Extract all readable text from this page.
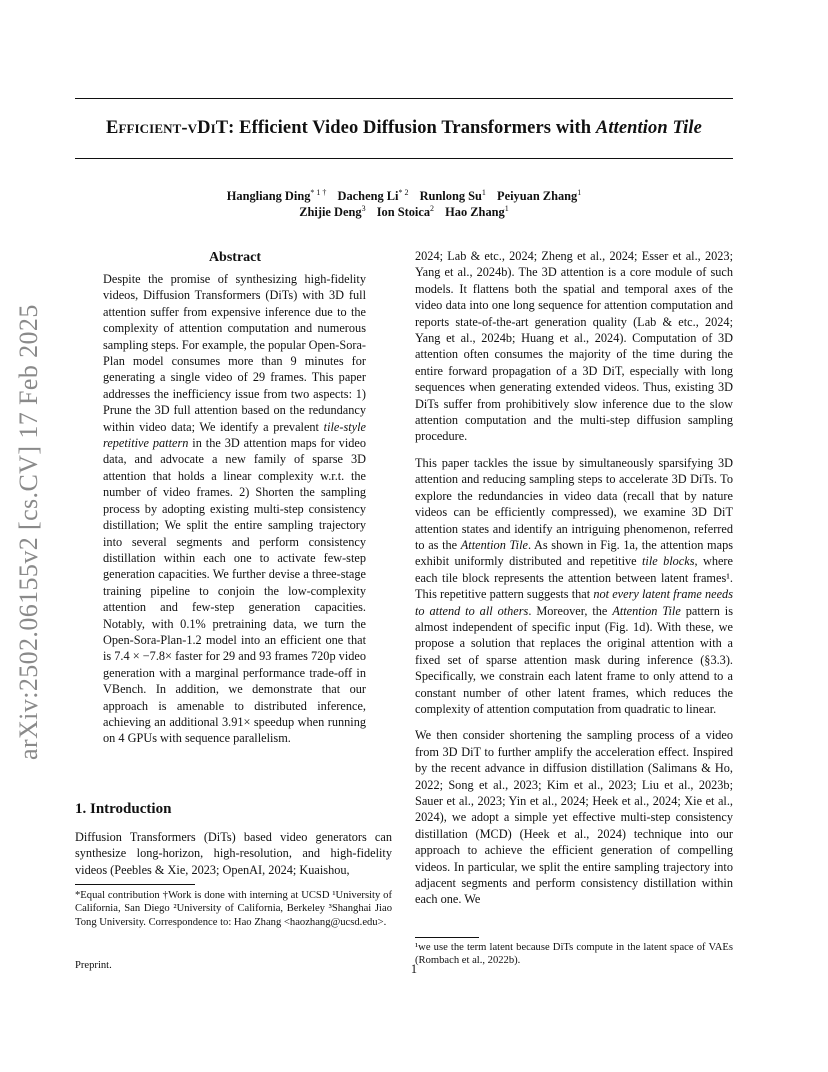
Efficient-vDiT: Efficient Video Diffusion Transformers with Attention Tile
Hangliang Ding$^{* 1 \dagger}$ Dacheng Li$^{* 2}$ Runlong Su$^1$ Peiyuan Zhang$^1$
Zhijie Deng$^3$ Ion Stoica$^2$ Hao Zhang$^1$
arXiv:2502.06155v2 [cs.CV] 17 Feb 2025
Abstract

Despite the promise of synthesizing high-fidelity videos, Diffusion Transformers (DiTs) with 3D full attention suffer from expensive inference due to the complexity of attention computation and numerous sampling steps. For example, the popular Open-Sora-Plan model consumes more than 9 minutes for generating a single video of 29 frames. This paper addresses the inefficiency issue from two aspects: 1) Prune the 3D full attention based on the redundancy within video data; We identify a prevalent tile-style repetitive pattern in the 3D attention maps for video data, and advocate a new family of sparse 3D attention that holds a linear complexity w.r.t. the number of video frames. 2) Shorten the sampling process by adopting existing multi-step consistency distillation; We split the entire sampling trajectory into several segments and perform consistency distillation within each one to activate few-step generation capacities. We further devise a three-stage training pipeline to conjoin the low-complexity attention and few-step generation capacities. Notably, with 0.1% pretraining data, we turn the Open-Sora-Plan-1.2 model into an efficient one that is 7.4 × −7.8× faster for 29 and 93 frames 720p video generation with a marginal performance trade-off in VBench. In addition, we demonstrate that our approach is amenable to distributed inference, achieving an additional 3.91× speedup when running on 4 GPUs with sequence parallelism.

1. Introduction

Diffusion Transformers (DiTs) based video generators can synthesize long-horizon, high-resolution, and high-fidelity videos (Peebles & Xie, 2023; OpenAI, 2024; Kuaishou,

*Equal contribution †Work is done with interning at UCSD ¹University of California, San Diego ²University of California, Berkeley ³Shanghai Jiao Tong University. Correspondence to: Hao Zhang <haozhang@ucsd.edu>.
Preprint.

2024; Lab & etc., 2024; Zheng et al., 2024; Esser et al., 2023; Yang et al., 2024b). The 3D attention is a core module of such models. It flattens both the spatial and temporal axes of the video data into one long sequence for attention computation and reports state-of-the-art generation quality (Lab & etc., 2024; Yang et al., 2024b; Huang et al., 2024). Computation of 3D attention often consumes the majority of the time during the entire forward propagation of a 3D DiT, especially with long sequences when generating extended videos. Thus, existing 3D DiTs suffer from prohibitively slow inference due to the slow attention computation and the multi-step diffusion sampling procedure.

This paper tackles the issue by simultaneously sparsifying 3D attention and reducing sampling steps to accelerate 3D DiTs. To explore the redundancies in video data (recall that by nature videos can be efficiently compressed), we examine 3D DiT attention states and identify an intriguing phenomenon, referred to as the Attention Tile. As shown in Fig. 1a, the attention maps exhibit uniformly distributed and repetitive tile blocks, where each tile block represents the attention between latent frames¹. This repetitive pattern suggests that not every latent frame needs to attend to all others. Moreover, the Attention Tile pattern is almost independent of specific input (Fig. 1d). With these, we propose a solution that replaces the original attention with a fixed set of sparse attention mask during inference (§3.3). Specifically, we constrain each latent frame to only attend to a constant number of other latent frames, which reduces the complexity of attention computation from quadratic to linear.

We then consider shortening the sampling process of a video from 3D DiT to further amplify the acceleration effect. Inspired by the recent advance in diffusion distillation (Salimans & Ho, 2022; Song et al., 2023; Kim et al., 2023; Liu et al., 2023b; Sauer et al., 2023; Yin et al., 2024; Heek et al., 2024; Xie et al., 2024), we adopt a simple yet effective multi-step consistency distillation (MCD) (Heek et al., 2024) technique into our approach to achieve the efficient generation of compelling videos. In particular, we split the entire sampling trajectory into adjacent segments and perform consistency distillation within each one. We

¹we use the term latent because DiTs compute in the latent space of VAEs (Rombach et al., 2022b).
1
